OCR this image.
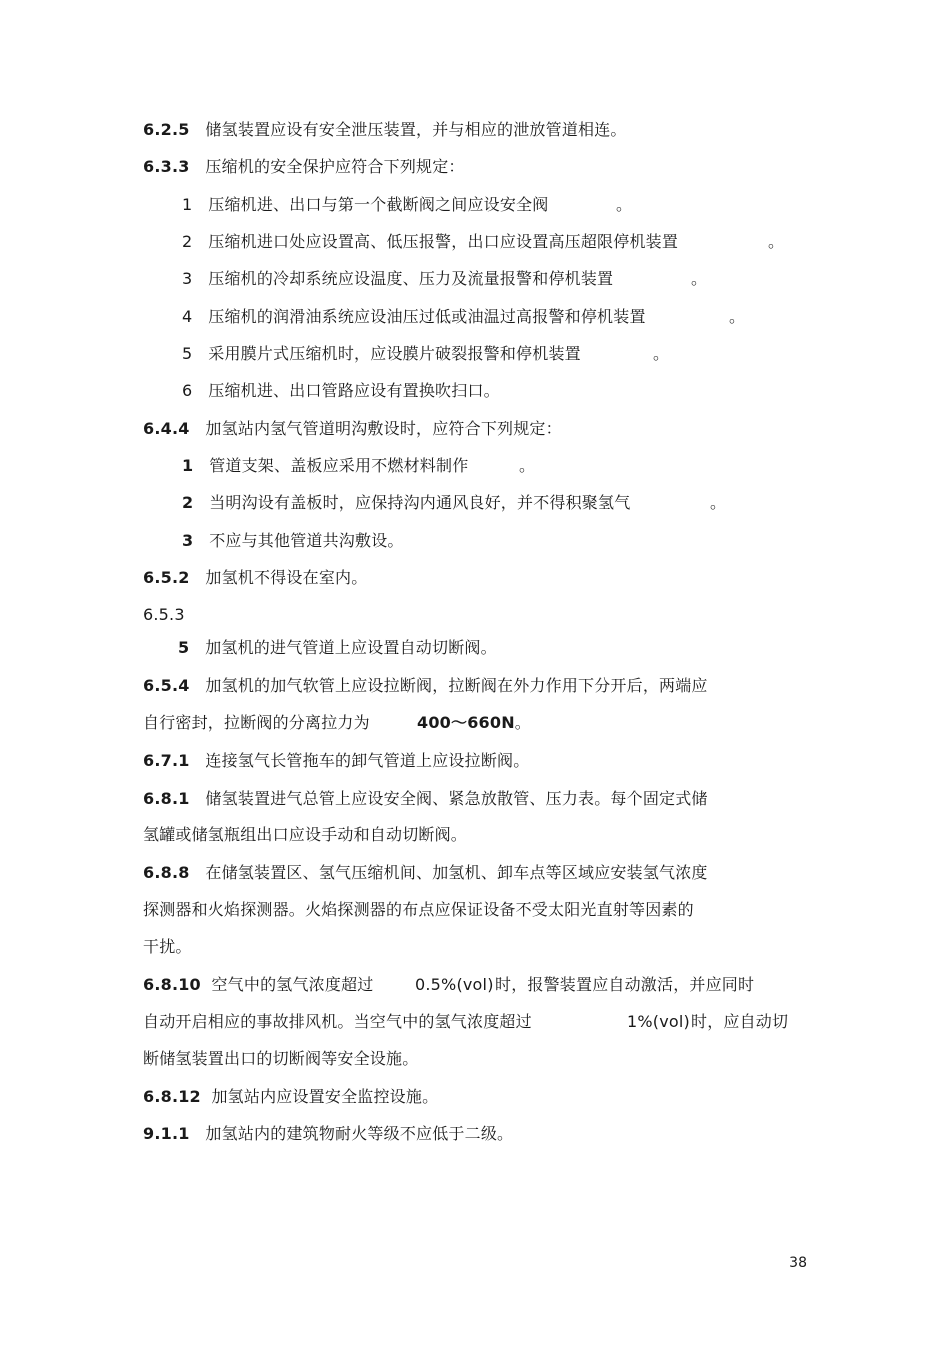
6.2.5 储氢装置应设有安全泄压装置，并与相应的泄放管道相连。
6.3.3 压缩机的安全保护应符合下列规定：
1 压缩机进、出口与第一个截断阀之间应设安全阀	。
2 压缩机进口处应设置高、低压报警，出口应设置高压超限停机装置	。
3 压缩机的冷却系统应设温度、压力及流量报警和停机装置	。
4 压缩机的润滑油系统应设油压过低或油温过高报警和停机装置	。
5 采用膜片式压缩机时，应设膜片破裂报警和停机装置	。
6 压缩机进、出口管路应设有置换吹扫口。
6.4.4 加氢站内氢气管道明沟敷设时，应符合下列规定：
1 管道支架、盖板应采用不燃材料制作	。
2 当明沟设有盖板时，应保持沟内通风良好，并不得积聚氢气	。
3 不应与其他管道共沟敷设。
6.5.2 加氢机不得设在室内。
6.5.3
5 加氢机的进气管道上应设置自动切断阀。
6.5.4 加氢机的加气软管上应设拉断阀，拉断阀在外力作用下分开后，两端应
自行密封，拉断阀的分离拉力为	400～660N。
6.7.1 连接氢气长管拖车的卸气管道上应设拉断阀。
6.8.1 储氢装置进气总管上应设安全阀、紧急放散管、压力表。每个固定式储
氢罐或储氢瓶组出口应设手动和自动切断阀。
6.8.8 在储氢装置区、氢气压缩机间、加氢机、卸车点等区域应安装氢气浓度
探测器和火焰探测器。火焰探测器的布点应保证设备不受太阳光直射等因素的
干扰。
6.8.10 空气中的氢气浓度超过	0.5%(vol) 时，报警装置应自动激活，并应同时
自动开启相应的事故排风机。当空气中的氢气浓度超过	1%(vol) 时，应自动切
断储氢装置出口的切断阀等安全设施。
6.8.12 加氢站内应设置安全监控设施。
9.1.1 加氢站内的建筑物耐火等级不应低于二级。
38
